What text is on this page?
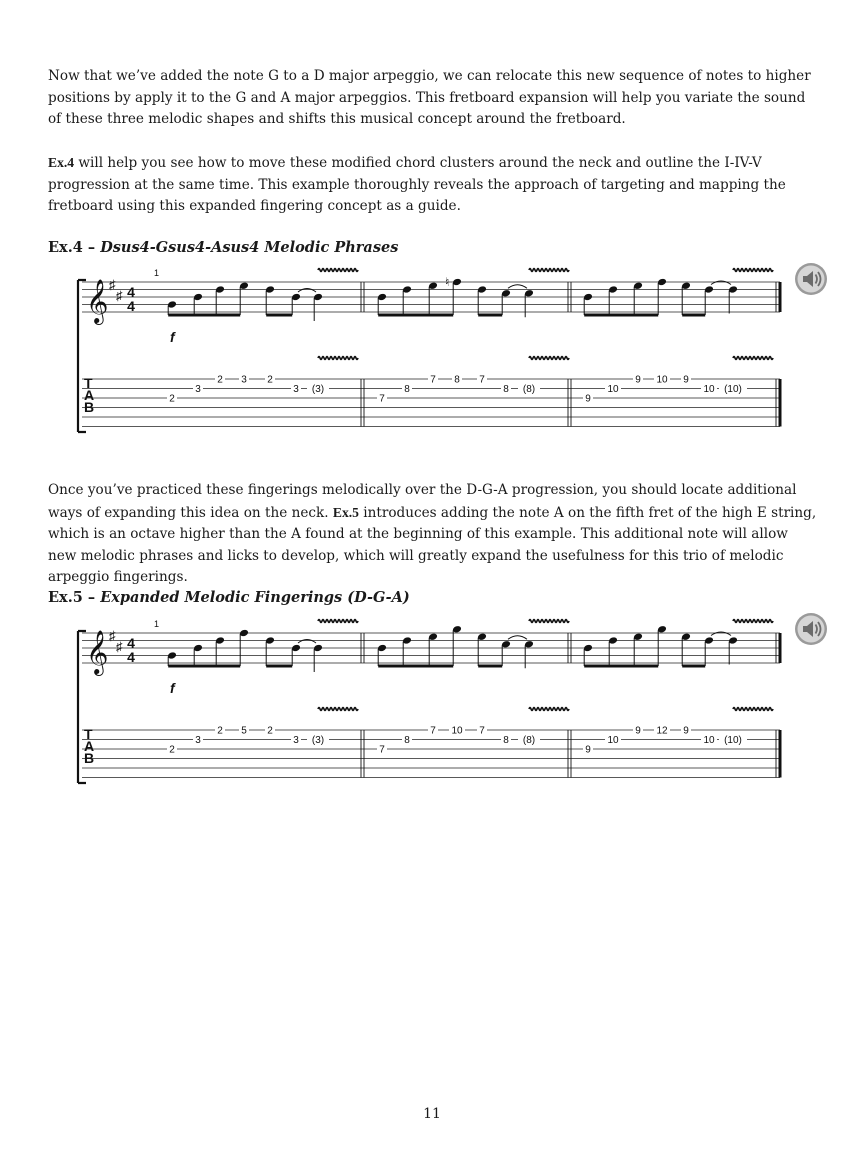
Now that we’ve added the note G to a D major arpeggio, we can relocate this new sequence of notes to higher positions by apply it to the G and A major arpeggios. This fretboard expansion will help you variate the sound of these three melodic shapes and shifts this musical concept around the fretboard.

Ex.4 will help you see how to move these modified chord clusters around the neck and outline the I-IV-V progression at the same time. This example thoroughly reveals the approach of targeting and mapping the fretboard using this expanded fingering concept as a guide.

Ex.4 – Dsus4-Gsus4-Asus4 Melodic Phrases

𝄞 ♯
♯ 4
4
1
f
T
A
B	2
3
2 3 2
3 (3)
7
8
7 8 7
8 (8)
9
10
9 10 9
10 (10)
♮

Once you’ve practiced these fingerings melodically over the D-G-A progression, you should locate additional ways of expanding this idea on the neck. Ex.5 introduces adding the note A on the fifth fret of the high E string, which is an octave higher than the A found at the beginning of this example. This additional note will allow new melodic phrases and licks to develop, which will greatly expand the usefulness for this trio of melodic arpeggio fingerings.

Ex.5 – Expanded Melodic Fingerings (D-G-A)

𝄞 ♯
♯ 4
4
1
f
T
A
B	2
3
2 5 2
3 (3)
7
8
7 10 7
8 (8)
9
10
9 12 9
10 (10)
11
